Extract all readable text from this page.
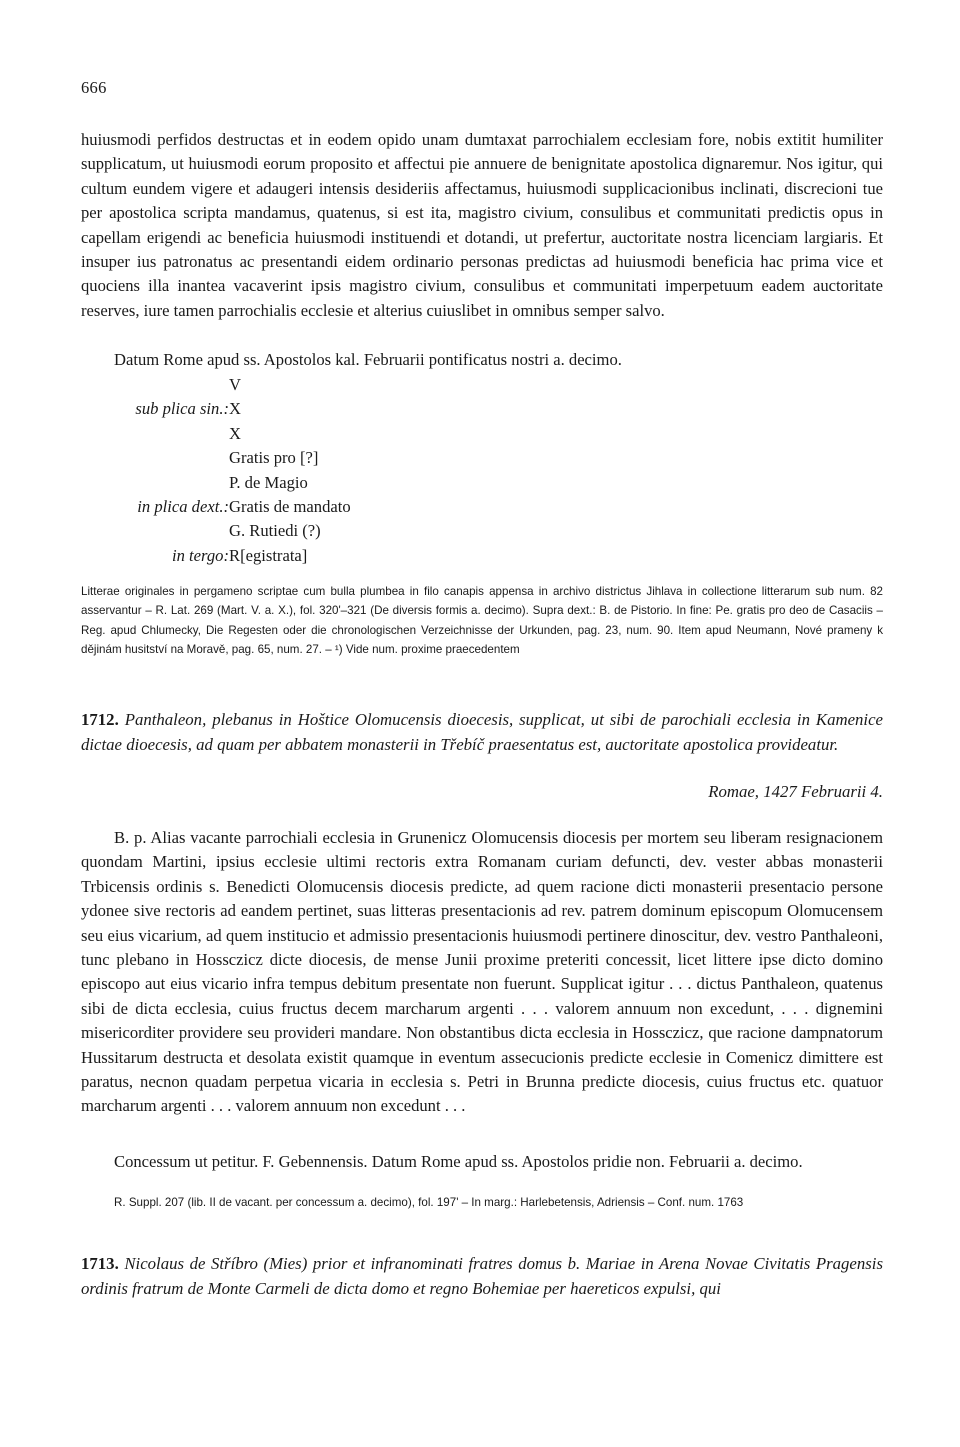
666

huiusmodi perfidos destructas et in eodem opido unam dumtaxat parrochialem ecclesiam fore, nobis extitit humiliter supplicatum, ut huiusmodi eorum proposito et affectui pie annuere de benignitate apostolica dignaremur. Nos igitur, qui cultum eundem vigere et adaugeri intensis desideriis affectamus, huiusmodi supplicacionibus inclinati, discrecioni tue per apostolica scripta mandamus, quatenus, si est ita, magistro civium, consulibus et communitati predictis opus in capellam erigendi ac beneficia huiusmodi instituendi et dotandi, ut prefertur, auctoritate nostra licenciam largiaris. Et insuper ius patronatus ac presentandi eidem ordinario personas predictas ad huiusmodi beneficia hac prima vice et quociens illa inantea vacaverint ipsis magistro civium, consulibus et communitati imperpetuum eadem auctoritate reserves, iure tamen parrochialis ecclesie et alterius cuiuslibet in omnibus semper salvo.

Datum Rome apud ss. Apostolos kal. Februarii pontificatus nostri a. decimo.
V
sub plica sin.: X
X
Gratis pro [?]
P. de Magio
in plica dext.: Gratis de mandato
G. Rutiedi (?)
in tergo: R[egistrata]

Litterae originales in pergameno scriptae cum bulla plumbea in filo canapis appensa in archivo districtus Jihlava in collectione litterarum sub num. 82 asservantur – R. Lat. 269 (Mart. V. a. X.), fol. 320'–321 (De diversis formis a. decimo). Supra dext.: B. de Pistorio. In fine: Pe. gratis pro deo de Casaciis – Reg. apud Chlumecky, Die Regesten oder die chronologischen Verzeichnisse der Urkunden, pag. 23, num. 90. Item apud Neumann, Nové prameny k dějinám husitství na Moravě, pag. 65, num. 27. – ¹) Vide num. proxime praecedentem

1712. Panthaleon, plebanus in Hoštice Olomucensis dioecesis, supplicat, ut sibi de parochiali ecclesia in Kamenice dictae dioecesis, ad quam per abbatem monasterii in Třebíč praesentatus est, auctoritate apostolica provideatur.

Romae, 1427 Februarii 4.

B. p. Alias vacante parrochiali ecclesia in Grunenicz Olomucensis diocesis per mortem seu liberam resignacionem quondam Martini, ipsius ecclesie ultimi rectoris extra Romanam curiam defuncti, dev. vester abbas monasterii Trbicensis ordinis s. Benedicti Olomucensis diocesis predicte, ad quem racione dicti monasterii presentacio persone ydonee sive rectoris ad eandem pertinet, suas litteras presentacionis ad rev. patrem dominum episcopum Olomucensem seu eius vicarium, ad quem institucio et admissio presentacionis huiusmodi pertinere dinoscitur, dev. vestro Panthaleoni, tunc plebano in Hossczicz dicte diocesis, de mense Junii proxime preteriti concessit, licet littere ipse dicto domino episcopo aut eius vicario infra tempus debitum presentate non fuerunt. Supplicat igitur . . . dictus Panthaleon, quatenus sibi de dicta ecclesia, cuius fructus decem marcharum argenti . . . valorem annuum non excedunt, . . . dignemini misericorditer providere seu provideri mandare. Non obstantibus dicta ecclesia in Hossczicz, que racione dampnatorum Hussitarum destructa et desolata existit quamque in eventum assecucionis predicte ecclesie in Comenicz dimittere est paratus, necnon quadam perpetua vicaria in ecclesia s. Petri in Brunna predicte diocesis, cuius fructus etc. quatuor marcharum argenti . . . valorem annuum non excedunt . . .

Concessum ut petitur. F. Gebennensis. Datum Rome apud ss. Apostolos pridie non. Februarii a. decimo.

R. Suppl. 207 (lib. II de vacant. per concessum a. decimo), fol. 197' – In marg.: Harlebetensis, Adriensis – Conf. num. 1763

1713. Nicolaus de Stříbro (Mies) prior et infranominati fratres domus b. Mariae in Arena Novae Civitatis Pragensis ordinis fratrum de Monte Carmeli de dicta domo et regno Bohemiae per haereticos expulsi, qui
